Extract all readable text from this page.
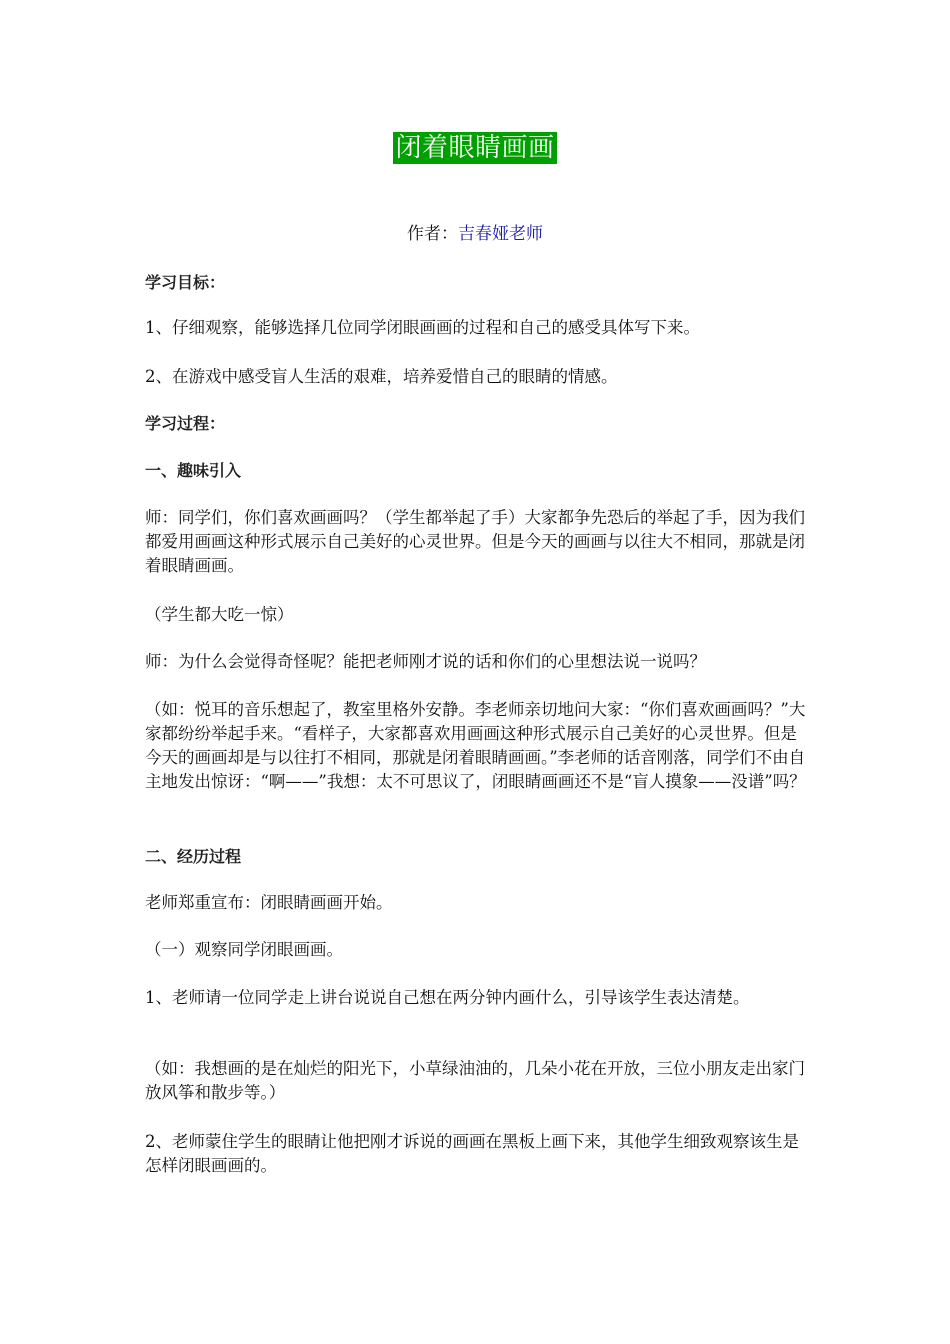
闭着眼睛画画
作者：吉春娅老师

学习目标：

1、仔细观察，能够选择几位同学闭眼画画的过程和自己的感受具体写下来。

2、在游戏中感受盲人生活的艰难，培养爱惜自己的眼睛的情感。

学习过程：

一、趣味引入

师：同学们，你们喜欢画画吗？（学生都举起了手）大家都争先恐后的举起了手，因为我们都爱用画画这种形式展示自己美好的心灵世界。但是今天的画画与以往大不相同，那就是闭着眼睛画画。

（学生都大吃一惊）

师：为什么会觉得奇怪呢？能把老师刚才说的话和你们的心里想法说一说吗？

（如：悦耳的音乐想起了，教室里格外安静。李老师亲切地问大家：“你们喜欢画画吗？”大家都纷纷举起手来。“看样子，大家都喜欢用画画这种形式展示自己美好的心灵世界。但是今天的画画却是与以往打不相同，那就是闭着眼睛画画。”李老师的话音刚落，同学们不由自主地发出惊讶：“啊——”我想：太不可思议了，闭眼睛画画还不是“盲人摸象——没谱”吗？

二、经历过程

老师郑重宣布：闭眼睛画画开始。

（一）观察同学闭眼画画。

1、老师请一位同学走上讲台说说自己想在两分钟内画什么，引导该学生表达清楚。

（如：我想画的是在灿烂的阳光下，小草绿油油的，几朵小花在开放，三位小朋友走出家门放风筝和散步等。）

2、老师蒙住学生的眼睛让他把刚才诉说的画画在黑板上画下来，其他学生细致观察该生是怎样闭眼画画的。
